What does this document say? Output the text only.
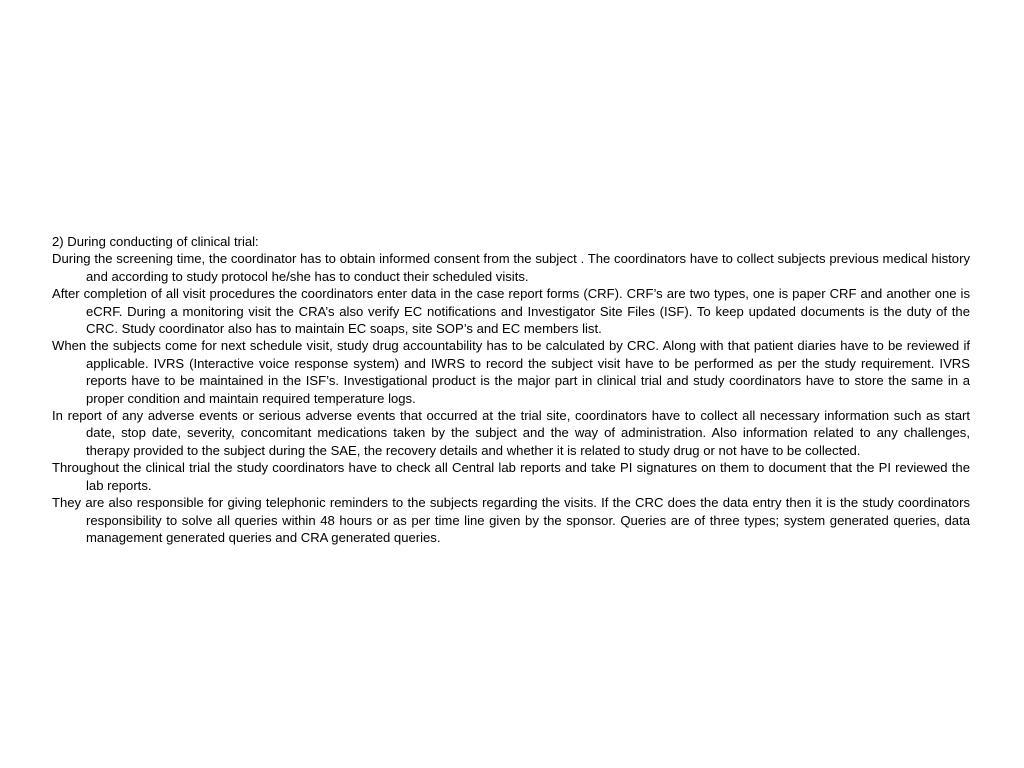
2) During conducting of clinical trial:

During the screening time, the coordinator has to obtain informed consent from the subject . The coordinators have to collect subjects previous medical history and according to study protocol he/she has to conduct their scheduled visits.

After completion of all visit procedures the coordinators enter data in the case report forms (CRF). CRF’s are two types, one is paper CRF and another one is eCRF. During a monitoring visit the CRA’s also verify EC notifications and Investigator Site Files (ISF). To keep updated documents is the duty of the CRC. Study coordinator also has to maintain EC soaps, site SOP’s and EC members list.

When the subjects come for next schedule visit, study drug accountability has to be calculated by CRC. Along with that patient diaries have to be reviewed if applicable. IVRS (Interactive voice response system) and IWRS to record the subject visit have to be performed as per the study requirement. IVRS reports have to be maintained in the ISF’s. Investigational product is the major part in clinical trial and study coordinators have to store the same in a proper condition and maintain required temperature logs.

In report of any adverse events or serious adverse events that occurred at the trial site, coordinators have to collect all necessary information such as start date, stop date, severity, concomitant medications taken by the subject and the way of administration. Also information related to any challenges, therapy provided to the subject during the SAE, the recovery details and whether it is related to study drug or not have to be collected.

Throughout the clinical trial the study coordinators have to check all Central lab reports and take PI signatures on them to document that the PI reviewed the lab reports.

They are also responsible for giving telephonic reminders to the subjects regarding the visits. If the CRC does the data entry then it is the study coordinators responsibility to solve all queries within 48 hours or as per time line given by the sponsor. Queries are of three types; system generated queries, data management generated queries and CRA generated queries.
